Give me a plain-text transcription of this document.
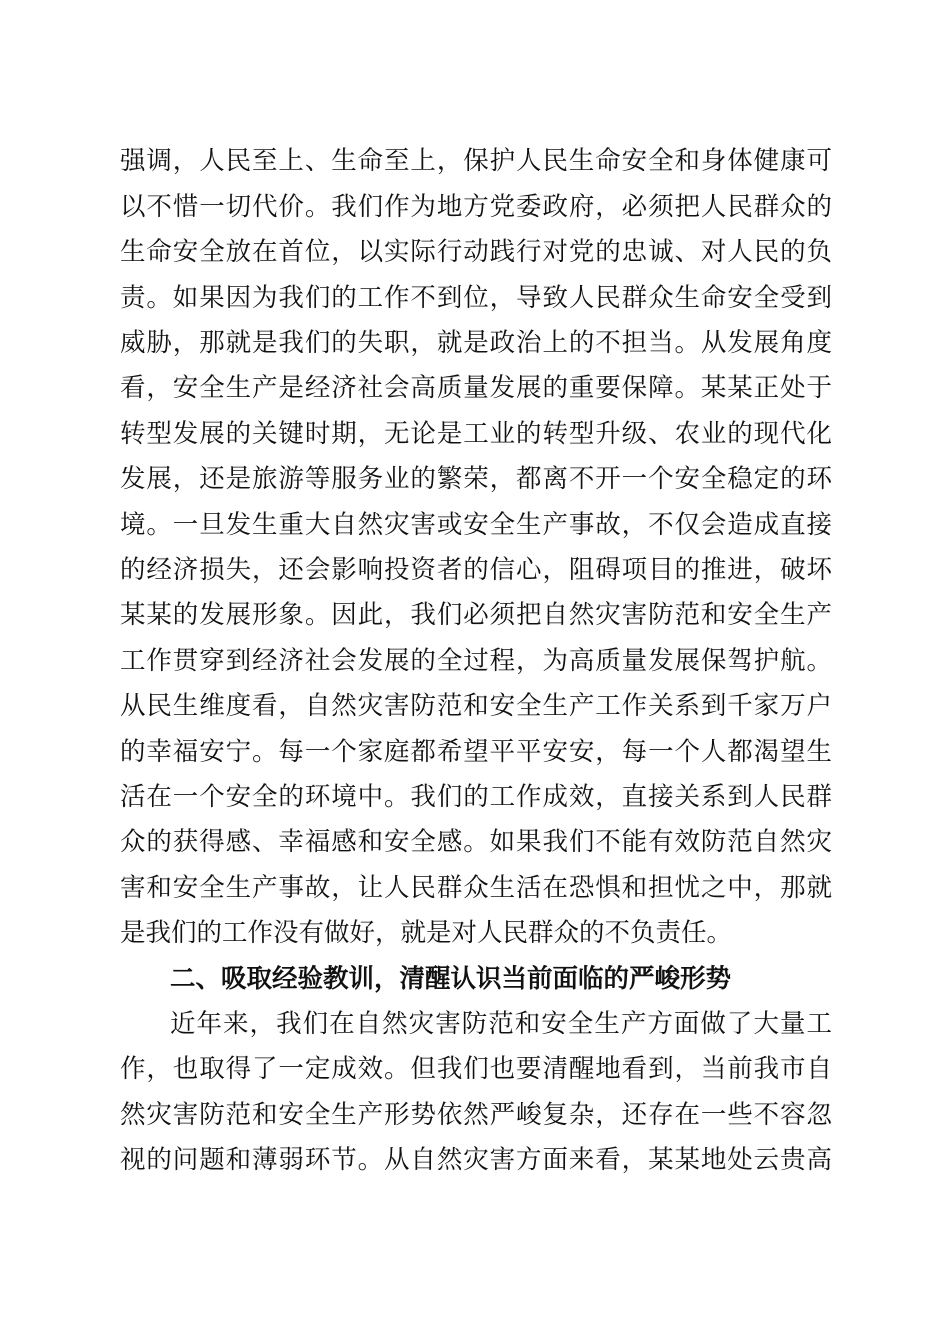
强调，人民至上、生命至上，保护人民生命安全和身体健康可
以不惜一切代价。我们作为地方党委政府，必须把人民群众的
生命安全放在首位，以实际行动践行对党的忠诚、对人民的负
责。如果因为我们的工作不到位，导致人民群众生命安全受到
威胁，那就是我们的失职，就是政治上的不担当。从发展角度
看，安全生产是经济社会高质量发展的重要保障。某某正处于
转型发展的关键时期，无论是工业的转型升级、农业的现代化
发展，还是旅游等服务业的繁荣，都离不开一个安全稳定的环
境。一旦发生重大自然灾害或安全生产事故，不仅会造成直接
的经济损失，还会影响投资者的信心，阻碍项目的推进，破坏
某某的发展形象。因此，我们必须把自然灾害防范和安全生产
工作贯穿到经济社会发展的全过程，为高质量发展保驾护航。
从民生维度看，自然灾害防范和安全生产工作关系到千家万户
的幸福安宁。每一个家庭都希望平平安安，每一个人都渴望生
活在一个安全的环境中。我们的工作成效，直接关系到人民群
众的获得感、幸福感和安全感。如果我们不能有效防范自然灾
害和安全生产事故，让人民群众生活在恐惧和担忧之中，那就
是我们的工作没有做好，就是对人民群众的不负责任。
二、吸取经验教训，清醒认识当前面临的严峻形势
近年来，我们在自然灾害防范和安全生产方面做了大量工
作，也取得了一定成效。但我们也要清醒地看到，当前我市自
然灾害防范和安全生产形势依然严峻复杂，还存在一些不容忽
视的问题和薄弱环节。从自然灾害方面来看，某某地处云贵高
